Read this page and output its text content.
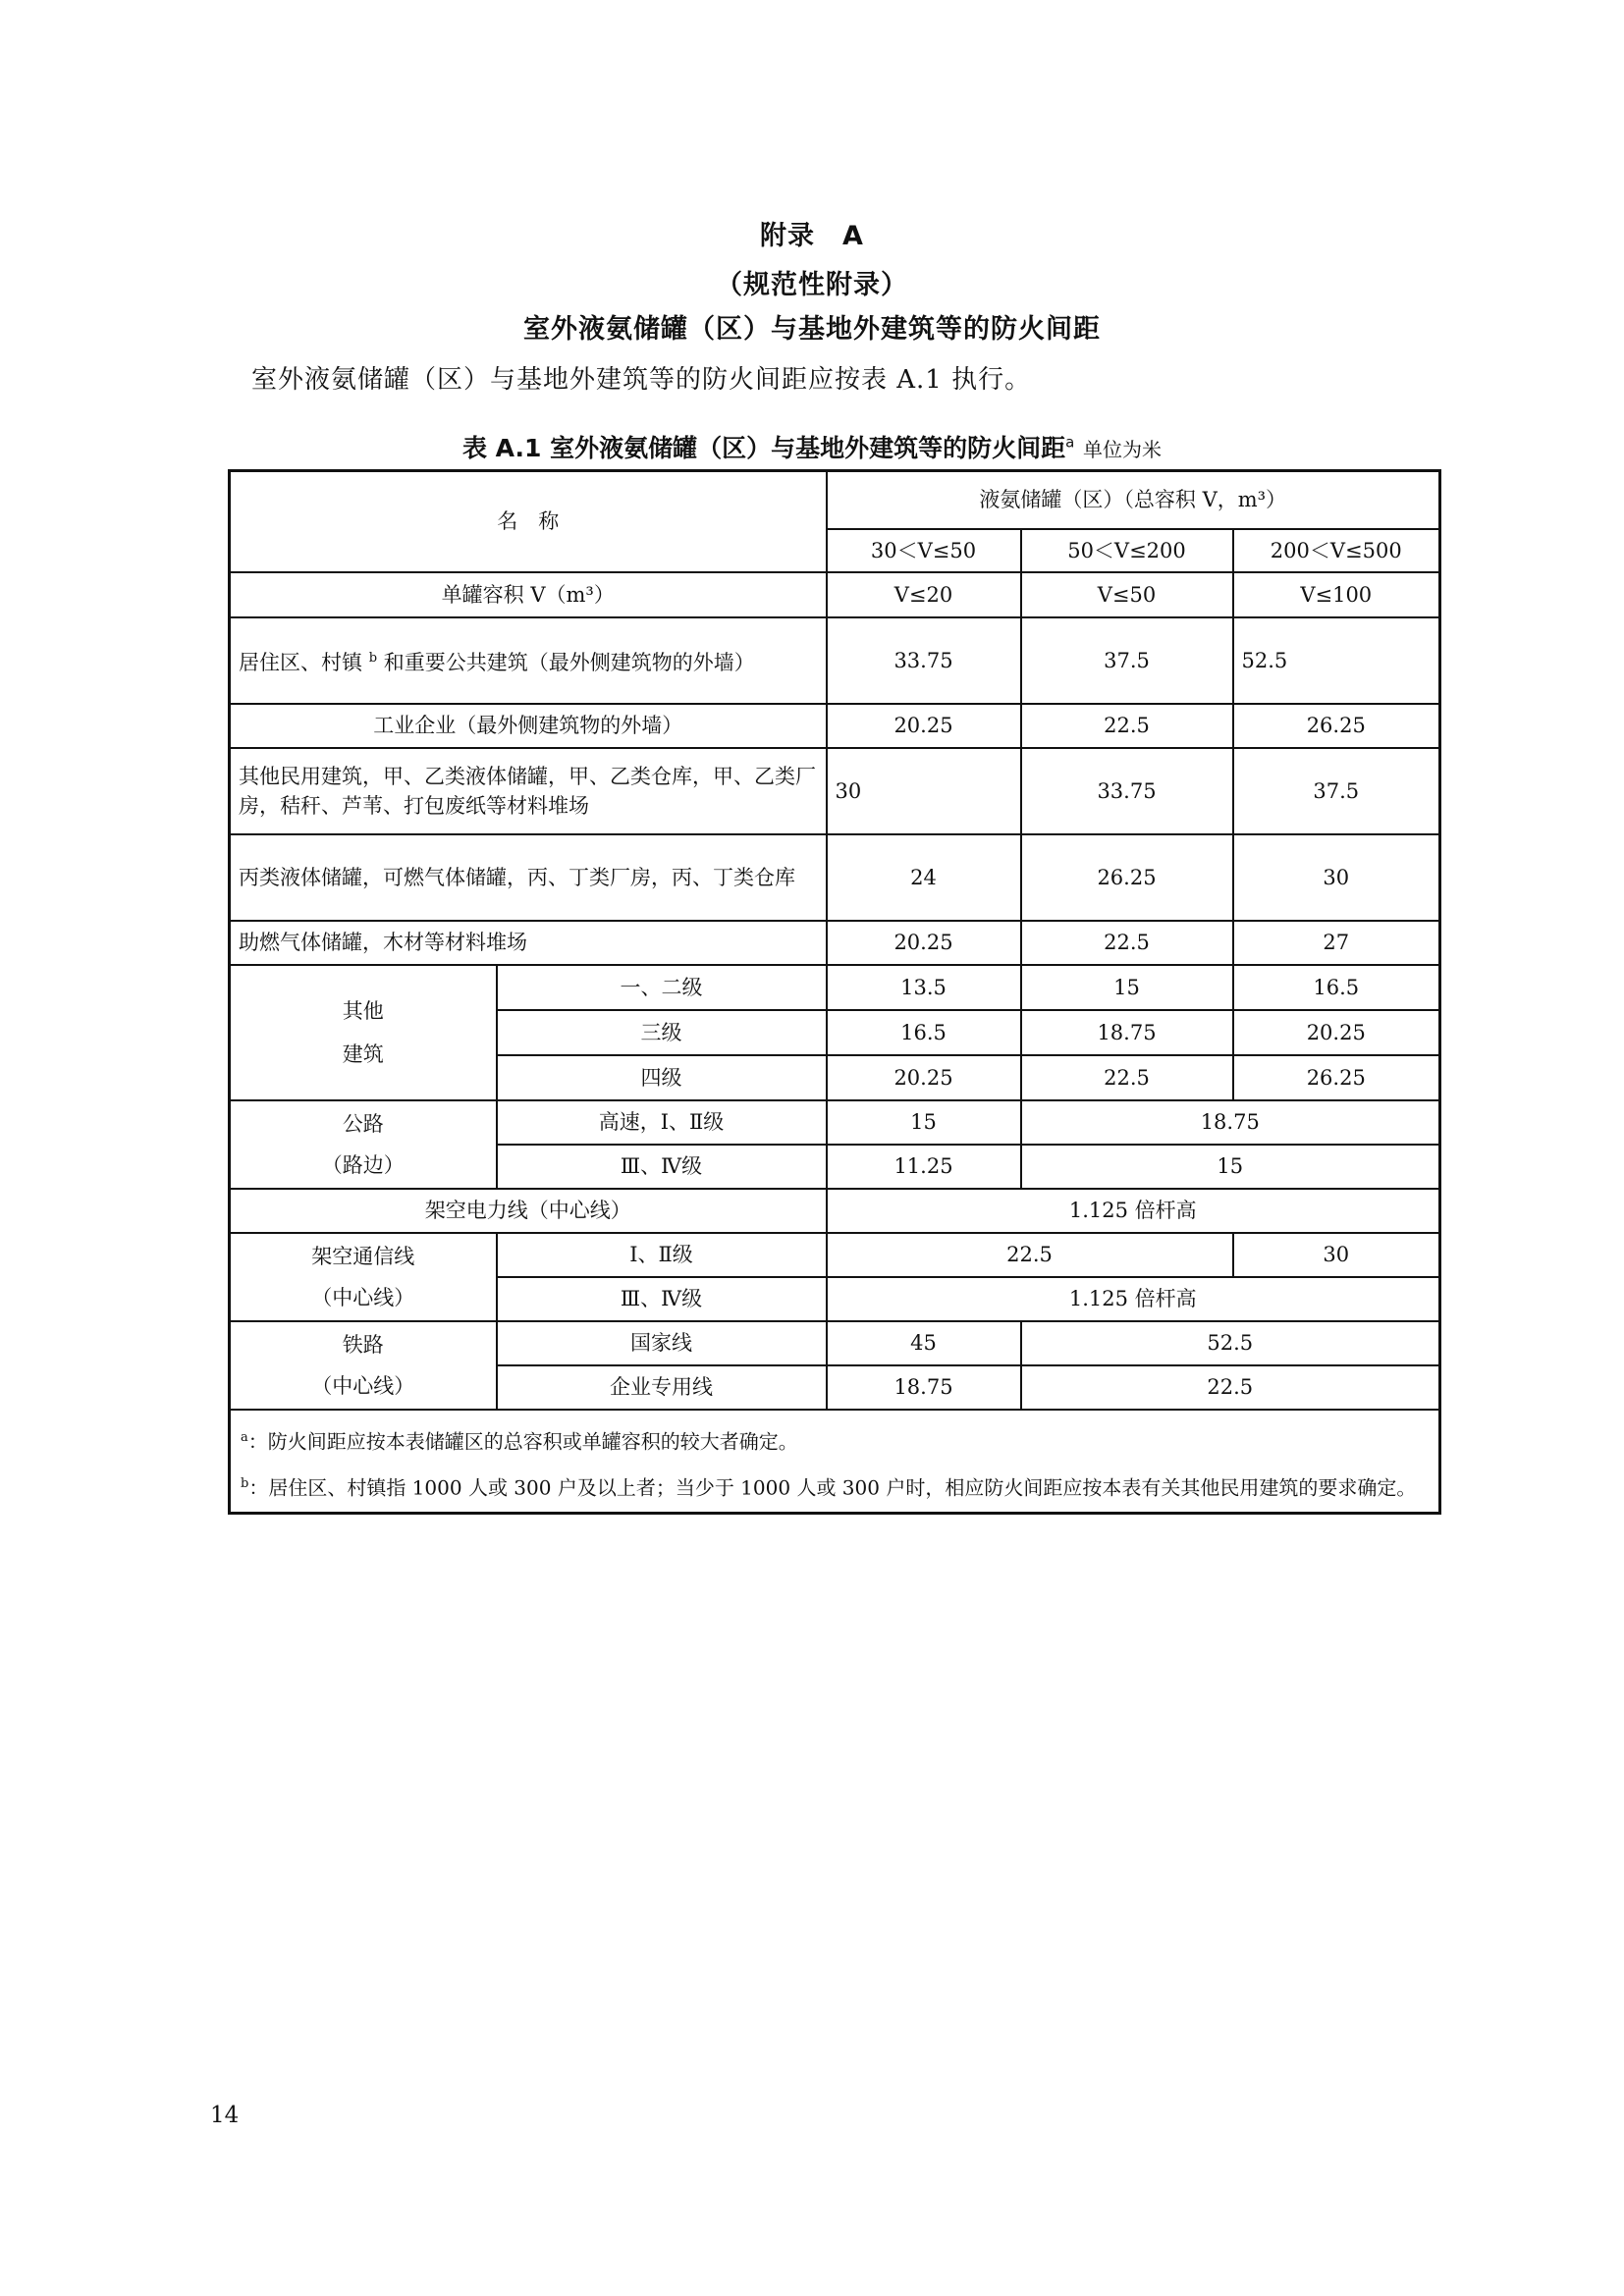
附录　A
（规范性附录）
室外液氨储罐（区）与基地外建筑等的防火间距
室外液氨储罐（区）与基地外建筑等的防火间距应按表 A.1 执行。
表 A.1 室外液氨储罐（区）与基地外建筑等的防火间距$^a$ 单位为米
名　称		液氨储罐（区）（总容积 V，m³）		
		30＜V≤50	50＜V≤200	200＜V≤500
单罐容积 V（m³）		V≤20	V≤50	V≤100
居住区、村镇 $^b$ 和重要公共建筑（最外侧建筑物的外墙）		33.75	37.5	52.5
工业企业（最外侧建筑物的外墙）		20.25	22.5	26.25
其他民用建筑，甲、乙类液体储罐，甲、乙类仓库，甲、乙类厂房，秸秆、芦苇、打包废纸等材料堆场		30	33.75	37.5
丙类液体储罐，可燃气体储罐，丙、丁类厂房，丙、丁类仓库		24	26.25	30
助燃气体储罐，木材等材料堆场		20.25	22.5	27
其他
建筑	一、二级	13.5	15	16.5
	三级	16.5	18.75	20.25
	四级	20.25	22.5	26.25
公路
（路边）	高速，Ⅰ、Ⅱ级	15	18.75	
	Ⅲ、Ⅳ级	11.25	15	
架空电力线（中心线）		1.125 倍杆高		
架空通信线
（中心线）	Ⅰ、Ⅱ级	22.5		30
	Ⅲ、Ⅳ级	1.125 倍杆高		
铁路
（中心线）	国家线	45	52.5	
	企业专用线	18.75	22.5	

$^a$：防火间距应按本表储罐区的总容积或单罐容积的较大者确定。
$^b$：居住区、村镇指 1000 人或 300 户及以上者；当少于 1000 人或 300 户时，相应防火间距应按本表有关其他民用建筑的要求确定。				
14
